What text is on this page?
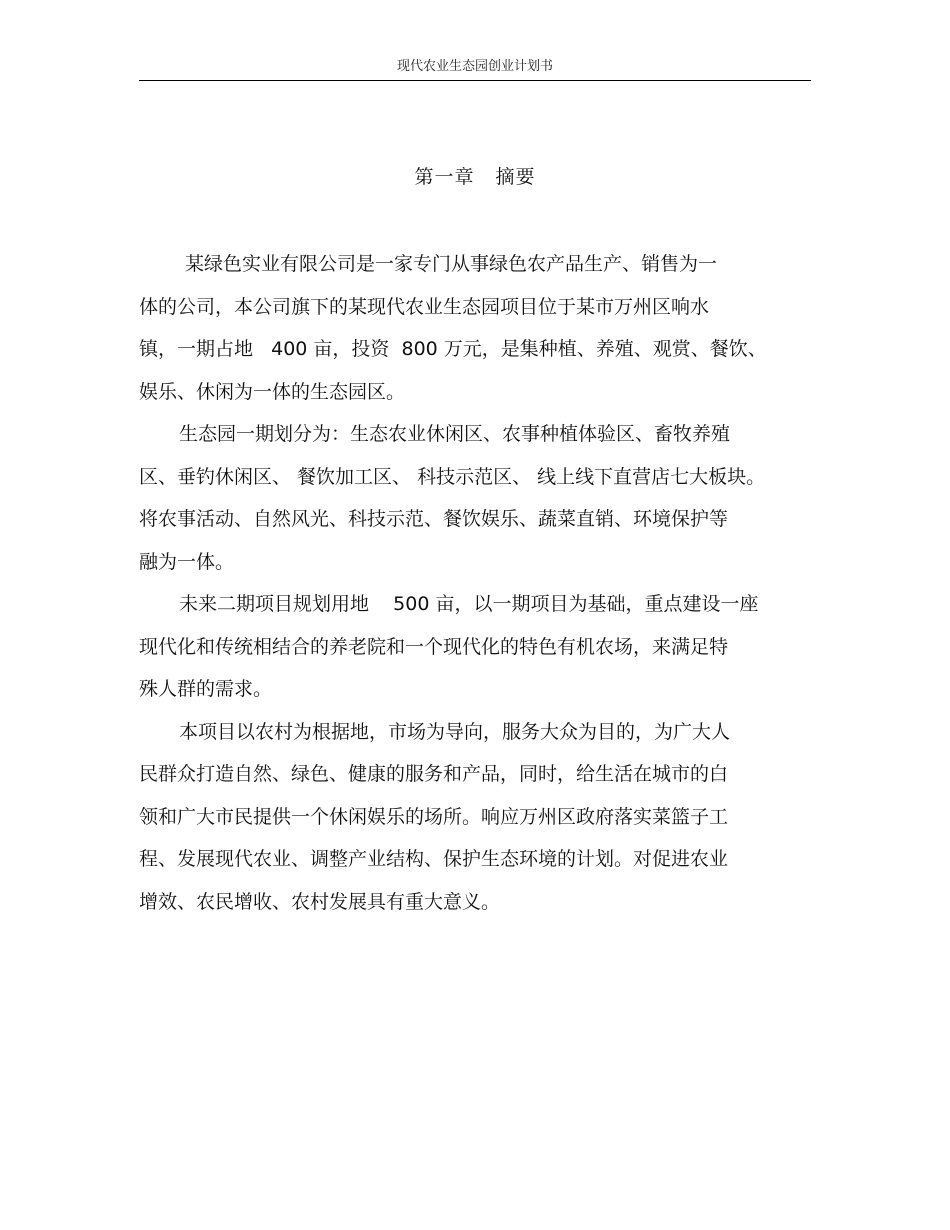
现代农业生态园创业计划书
第一章   摘要
某绿色实业有限公司是一家专门从事绿色农产品生产、销售为一
体的公司，本公司旗下的某现代农业生态园项目位于某市万州区响水
镇，一期占地   400 亩，投资  800 万元，是集种植、养殖、观赏、餐饮、
娱乐、休闲为一体的生态园区。
生态园一期划分为：生态农业休闲区、农事种植体验区、畜牧养殖
区、垂钓休闲区、 餐饮加工区、 科技示范区、 线上线下直营店七大板块。
将农事活动、自然风光、科技示范、餐饮娱乐、蔬菜直销、环境保护等
融为一体。
未来二期项目规划用地    500 亩，以一期项目为基础，重点建设一座
现代化和传统相结合的养老院和一个现代化的特色有机农场，来满足特
殊人群的需求。
本项目以农村为根据地，市场为导向，服务大众为目的，为广大人
民群众打造自然、绿色、健康的服务和产品，同时，给生活在城市的白
领和广大市民提供一个休闲娱乐的场所。响应万州区政府落实菜篮子工
程、发展现代农业、调整产业结构、保护生态环境的计划。对促进农业
增效、农民增收、农村发展具有重大意义。
